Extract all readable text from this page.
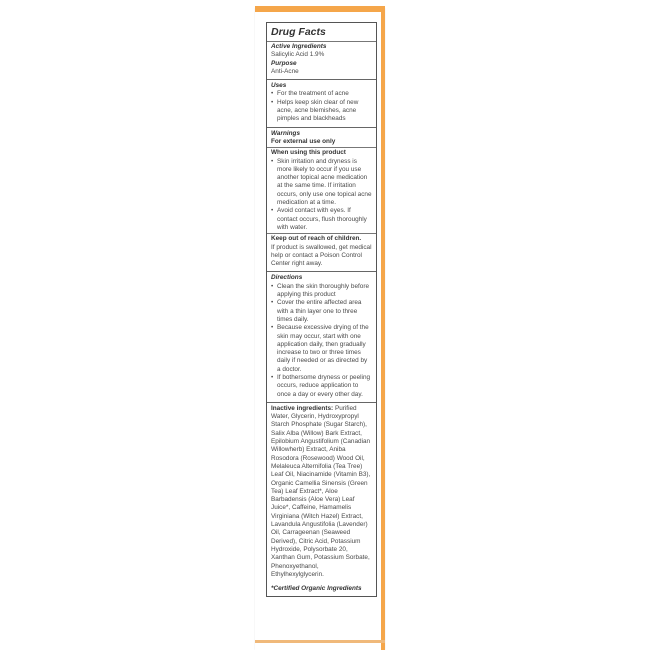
Drug Facts
Active Ingredients
Salicylic Acid 1.9%
Purpose
Anti-Acne
Uses
• For the treatment of acne
• Helps keep skin clear of new acne, acne blemishes, acne pimples and blackheads
Warnings
For external use only
When using this product
• Skin irritation and dryness is more likely to occur if you use another topical acne medication at the same time. If irritation occurs, only use one topical acne medication at a time.
• Avoid contact with eyes. If contact occurs, flush thoroughly with water.
Keep out of reach of children.
If product is swallowed, get medical help or contact a Poison Control Center right away.
Directions
• Clean the skin thoroughly before applying this product
• Cover the entire affected area with a thin layer one to three times daily.
• Because excessive drying of the skin may occur, start with one application daily, then gradually increase to two or three times daily if needed or as directed by a doctor.
• If bothersome dryness or peeling occurs, reduce application to once a day or every other day.
Inactive ingredients: Purified Water, Glycerin, Hydroxypropyl Starch Phosphate (Sugar Starch), Salix Alba (Willow) Bark Extract, Epilobium Angustifolium (Canadian Willowherb) Extract, Aniba Rosodora (Rosewood) Wood Oil, Melaleuca Alternifolia (Tea Tree) Leaf Oil, Niacinamide (Vitamin B3), Organic Camellia Sinensis (Green Tea) Leaf Extract*, Aloe Barbadensis (Aloe Vera) Leaf Juice*, Caffeine, Hamamelis Virginiana (Witch Hazel) Extract, Lavandula Angustifolia (Lavender) Oil, Carrageenan (Seaweed Derived), Citric Acid, Potassium Hydroxide, Polysorbate 20, Xanthan Gum, Potassium Sorbate, Phenoxyethanol, Ethylhexylglycerin.
*Certified Organic Ingredients
